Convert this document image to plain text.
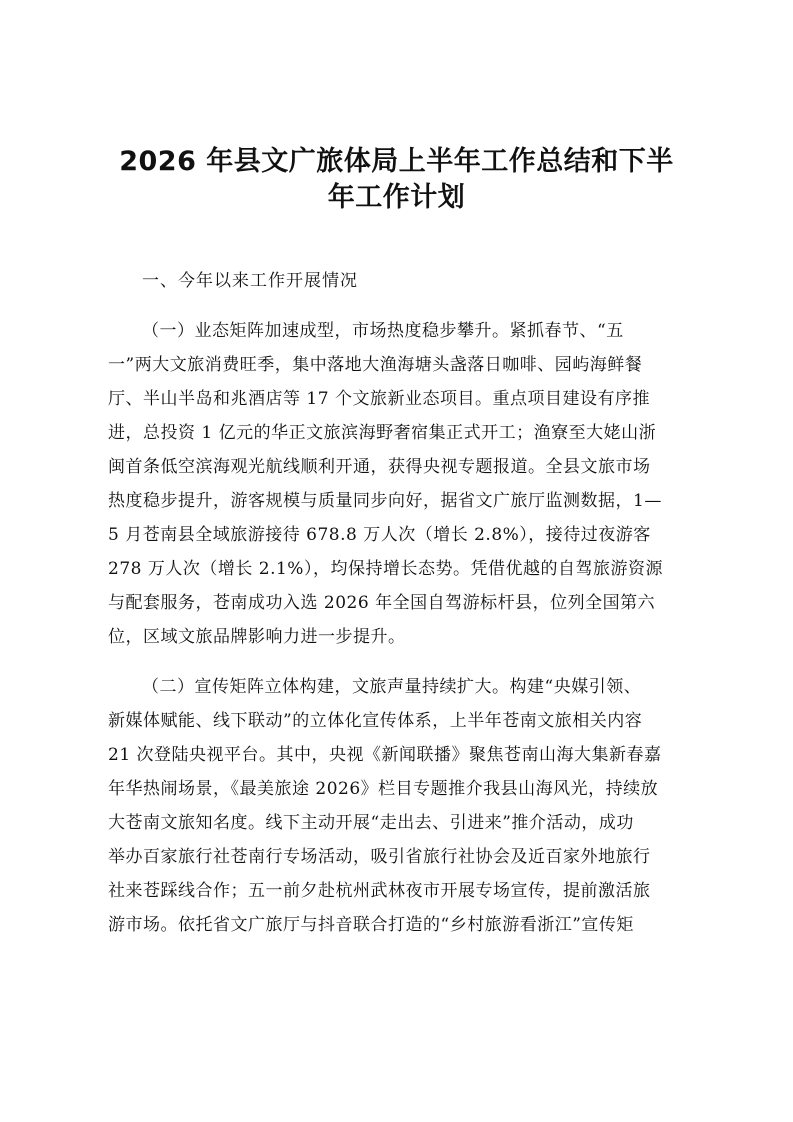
2026 年县文广旅体局上半年工作总结和下半
年工作计划
一、今年以来工作开展情况
（一）业态矩阵加速成型，市场热度稳步攀升。紧抓春节、“五
一”两大文旅消费旺季，集中落地大渔海塘头盏落日咖啡、园屿海鲜餐
厅、半山半岛和兆酒店等 17 个文旅新业态项目。重点项目建设有序推
进，总投资 1 亿元的华正文旅滨海野奢宿集正式开工；渔寮至大姥山浙
闽首条低空滨海观光航线顺利开通，获得央视专题报道。全县文旅市场
热度稳步提升，游客规模与质量同步向好，据省文广旅厅监测数据，1—
5 月苍南县全域旅游接待 678.8 万人次（增长 2.8%），接待过夜游客
278 万人次（增长 2.1%），均保持增长态势。凭借优越的自驾旅游资源
与配套服务，苍南成功入选 2026 年全国自驾游标杆县，位列全国第六
位，区域文旅品牌影响力进一步提升。
（二）宣传矩阵立体构建，文旅声量持续扩大。构建“央媒引领、
新媒体赋能、线下联动”的立体化宣传体系，上半年苍南文旅相关内容
21 次登陆央视平台。其中，央视《新闻联播》聚焦苍南山海大集新春嘉
年华热闹场景，《最美旅途 2026》栏目专题推介我县山海风光，持续放
大苍南文旅知名度。线下主动开展“走出去、引进来”推介活动，成功
举办百家旅行社苍南行专场活动，吸引省旅行社协会及近百家外地旅行
社来苍踩线合作；五一前夕赴杭州武林夜市开展专场宣传，提前激活旅
游市场。依托省文广旅厅与抖音联合打造的“乡村旅游看浙江”宣传矩
